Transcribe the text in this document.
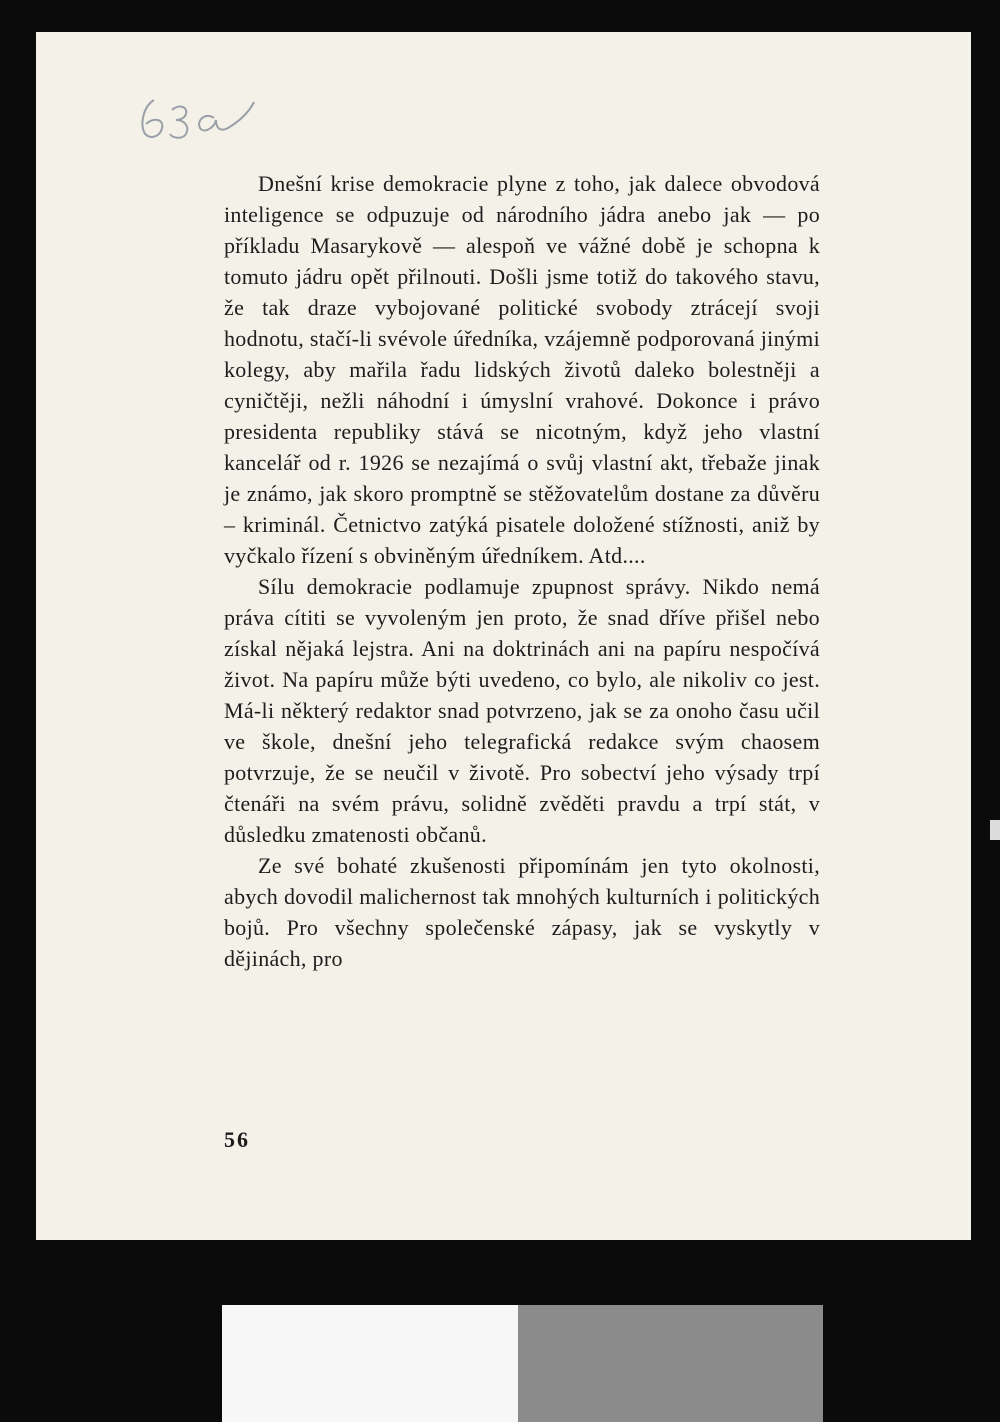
Dnešní krise demokracie plyne z toho, jak dalece obvodová inteligence se odpuzuje od národního jádra anebo jak — po příkladu Masarykově — alespoň ve vážné době je schopna k tomuto jádru opět přilnouti. Došli jsme totiž do takového stavu, že tak draze vybojované politické svobody ztrácejí svoji hodnotu, stačí-li svévole úředníka, vzájemně podporovaná jinými kolegy, aby mařila řadu lidských životů daleko bolestněji a cyničtěji, nežli náhodní i úmyslní vrahové. Dokonce i právo presidenta republiky stává se nicotným, když jeho vlastní kancelář od r. 1926 se nezajímá o svůj vlastní akt, třebaže jinak je známo, jak skoro promptně se stěžovatelům dostane za důvěru – kriminál. Četnictvo zatýká pisatele doložené stížnosti, aniž by vyčkalo řízení s obviněným úředníkem. Atd....

Sílu demokracie podlamuje zpupnost správy. Nikdo nemá práva cítiti se vyvoleným jen proto, že snad dříve přišel nebo získal nějaká lejstra. Ani na doktrinách ani na papíru nespočívá život. Na papíru může býti uvedeno, co bylo, ale nikoliv co jest. Má-li některý redaktor snad potvrzeno, jak se za onoho času učil ve škole, dnešní jeho telegrafická redakce svým chaosem potvrzuje, že se neučil v životě. Pro sobectví jeho výsady trpí čtenáři na svém právu, solidně zvěděti pravdu a trpí stát, v důsledku zmatenosti občanů.

Ze své bohaté zkušenosti připomínám jen tyto okolnosti, abych dovodil malichernost tak mnohých kulturních i politických bojů. Pro všechny společenské zápasy, jak se vyskytly v dějinách, pro

56
